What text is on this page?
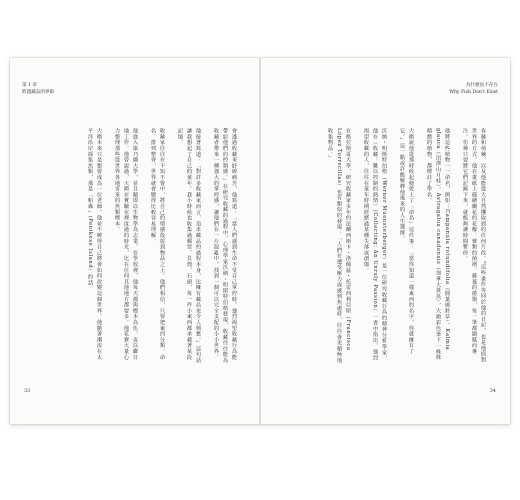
第 1 章
跨越藏品的界限
會透過收藏來紓緩痛苦，他寫道：「當人們感到生命不受自己掌控時，強烈渴望收藏行為能帶給他們的控制感。」在研究收藏的過程中，心理學家沃納・明斯特伯格發現，收藏往往能為收藏者帶來一種強大的掌控感，讓他們在一片混亂中，找到一個可以完全支配的小小世界。

他接著寫道：「對許多收藏家而言，追求藏品的過程本身，比擁有藏品更令人興奮。」這句話讓我想起了自己的童年。我小時候也收集過郵票、貝殼、石頭，每一件小東西都承載著某段記憶。

收藏家往往在不知不覺中，將自己的情感投射到物品之上。他們相信，只要把東西分類、命名、排列整齊，世界就會變得比較容易理解。

他進入康乃爾大學，並且隨即以生物學為志業。在學校裡，他每天都與標本為伍，夜以繼日地工作。他曾說過，大衛在實驗室裡度過的時光，比在任何其他地方都要多。他花費大量心力整理那些從世界各地寄來的魚類標本。

大衛本來只是想要成為一位老師，他並不曉得自己將會如何改變這個世界。他隨著潮流在太平洋沿岸採集魚類，那是「帕森」（Penikese Island）的話。
33
為什麼魚不存在
Why Fish Don't Exist
春藤和荊棘，以及他能從大自然攫取到的任何片段。⁸這些畫作等同於他的日記，也是他面對世界的方式。他在畫紙上描繪蘭花的花瓣、蕈類的菌褶、藤蔓的捲鬚，每一筆都細膩而專注，彷彿只要將它們記錄下來，就能夠讓時間暫停。

他將這些植物一一命名，例如：Campanula rotundifolia（圓葉風鈴草）、Kalmia glauca（沼澤山月桂）、Astragalus canadensis（加拿大黃芪），大衛彩色筆下一株株精緻的植物，都標註了學名。

大衛說他從那時候起便愛上了「命名」這件事：「當你知道一樣東西的名字，你就擁有了它。」這一點或許能解釋他後來的人生選擇。

沃納・明斯特伯格（Werner Muensterberger）是一位研究收藏行為的精神分析學家，他在《收藏：難以控制的熱情》（Collecting: An Unruly Passion）一書中指出，強烈渴望收藏的人，往往在童年時期經歷過某種失落或創傷。

在格拉斯哥大學，研究收藏家多年的法蘭西斯卡・洛佩茲・托雷西利亞斯（Francisca López Torrecillas）也有類似的發現：「人們在遭受壓力或感到焦慮時，往往會更積極地收集物品。」
34
